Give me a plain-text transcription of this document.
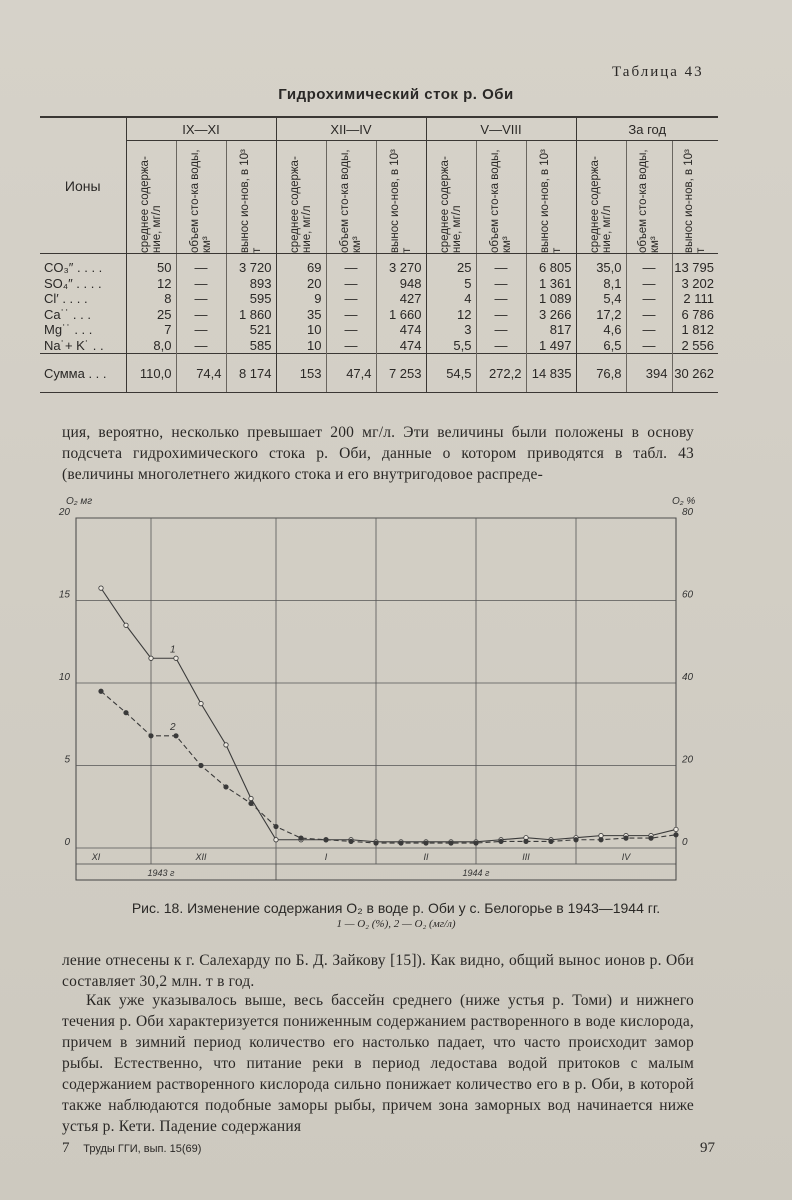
Таблица 43
Гидрохимический сток р. Оби
Ионы	IX—XI			XII—IV			V—VIII			За год		

	среднее содержа-ние, мг/л	объем сто-ка воды, км³	вынос ио-нов, в 10³ т	среднее содержа-ние, мг/л	объем сто-ка воды, км³	вынос ио-нов, в 10³ т	среднее содержа-ние, мг/л	объем сто-ка воды, км³	вынос ио-нов, в 10³ т	среднее содержа-ние, мг/л	объем сто-ка воды, км³	вынос ио-нов, в 10³ т

CO₃″ . . . .	50	—	3 720	69	—	3 270	25	—	6 805	35,0	—	13 795
SO₄″ . . . .	12	—	893	20	—	948	5	—	1 361	8,1	—	3 202
Cl′ . . . .	8	—	595	9	—	427	4	—	1 089	5,4	—	2 111
Ca˙˙ . . .	25	—	1 860	35	—	1 660	12	—	3 266	17,2	—	6 786
Mg˙˙ . . .	7	—	521	10	—	474	3	—	817	4,6	—	1 812
Na˙+ K˙ . .	8,0	—	585	10	—	474	5,5	—	1 497	6,5	—	2 556
Сумма . . .	110,0	74,4	8 174	153	47,4	7 253	54,5	272,2	14 835	76,8	394	30 262
ция, вероятно, несколько превышает 200 мг/л. Эти величины были положены в основу подсчета гидрохимического стока р. Оби, данные о котором приводятся в табл. 43 (величины многолетнего жидкого стока и его внутригодовое распреде-
0
5
10
15
20
0
20
40
60
80
O₂ мг	O₂ %
XI	XII	I	II	III	IV
1943 г	1944 г
1
2
Рис. 18. Изменение содержания O₂ в воде р. Оби у с. Белогорье в 1943—1944 гг.
1 — O₂ (%), 2 — O₂ (мг/л)
ление отнесены к г. Салехарду по Б. Д. Зайкову [15]). Как видно, общий вынос ионов р. Оби составляет 30,2 млн. т в год.
Как уже указывалось выше, весь бассейн среднего (ниже устья р. Томи) и нижнего течения р. Оби характеризуется пониженным содержанием растворенного в воде кислорода, причем в зимний период количество его настолько падает, что часто происходит замор рыбы. Естественно, что питание реки в период ледостава водой притоков с малым содержанием растворенного кислорода сильно понижает количество его в р. Оби, в которой также наблюдаются подобные заморы рыбы, причем зона заморных вод начинается ниже устья р. Кети. Падение содержания
7 Труды ГГИ, вып. 15(69)	97
